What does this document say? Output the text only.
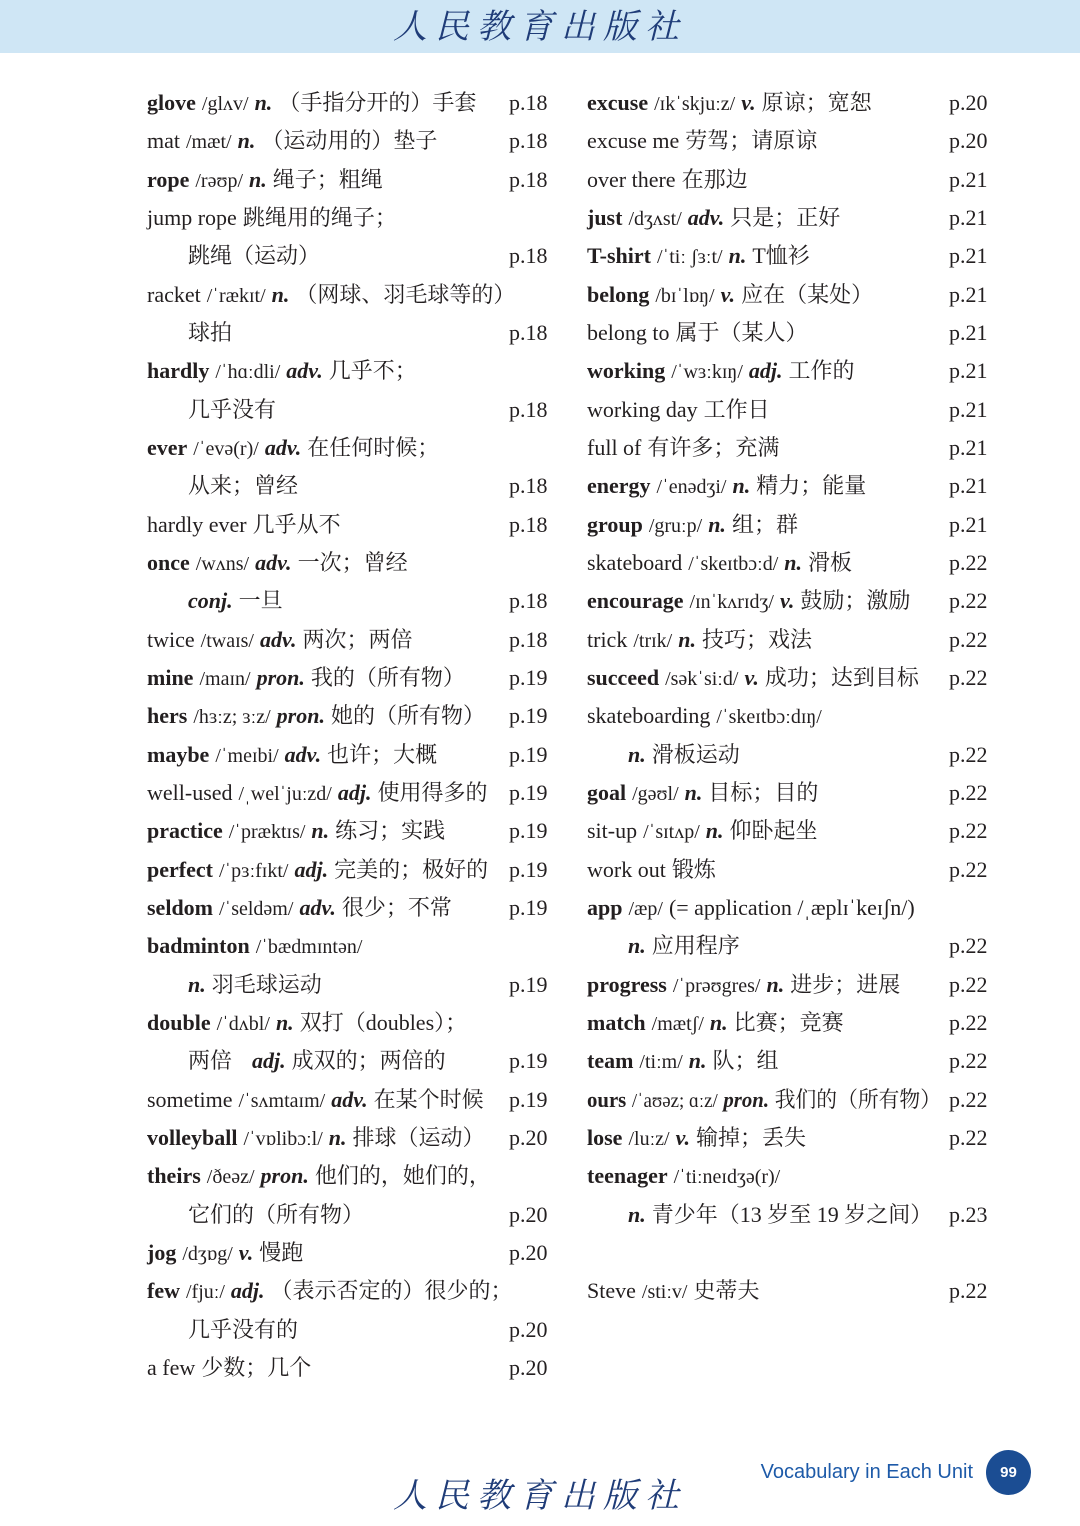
人民教育出版社
glove /glʌv/ n. （手指分开的）手套 p.18
mat /mæt/ n. （运动用的）垫子	p.18
rope /rəʊp/ n. 绳子；粗绳	p.18
jump rope 跳绳用的绳子；
跳绳（运动）	p.18
racket /ˈrækɪt/ n. （网球、羽毛球等的）
球拍	p.18
hardly /ˈhɑːdli/ adv. 几乎不；
几乎没有	p.18
ever /ˈevə(r)/ adv. 在任何时候；
从来；曾经	p.18
hardly ever 几乎从不	p.18
once /wʌns/ adv. 一次；曾经
conj. 一旦	p.18
twice /twaɪs/ adv. 两次；两倍	p.18
mine /maɪn/ pron. 我的（所有物） p.19
hers /hɜːz; ɜːz/ pron. 她的（所有物） p.19
maybe /ˈmeɪbi/ adv. 也许；大概	p.19
well-used /ˌwelˈjuːzd/ adj. 使用得多的 p.19
practice /ˈpræktɪs/ n. 练习；实践	p.19
perfect /ˈpɜːfɪkt/ adj. 完美的；极好的 p.19
seldom /ˈseldəm/ adv. 很少；不常	p.19
badminton /ˈbædmɪntən/
n. 羽毛球运动	p.19
double /ˈdʌbl/ n. 双打（doubles）；
两倍 adj. 成双的；两倍的	p.19
sometime /ˈsʌmtaɪm/ adv. 在某个时候 p.19
volleyball /ˈvɒlibɔːl/ n. 排球（运动） p.20
theirs /ðeəz/ pron. 他们的，她们的，
它们的（所有物）	p.20
jog /dʒɒg/ v. 慢跑	p.20
few /fjuː/ adj. （表示否定的）很少的；
几乎没有的	p.20
a few 少数；几个	p.20
excuse /ɪkˈskjuːz/ v. 原谅；宽恕	p.20
excuse me 劳驾；请原谅	p.20
over there 在那边	p.21
just /dʒʌst/ adv. 只是；正好	p.21
T-shirt /ˈtiː ʃɜːt/ n. T恤衫	p.21
belong /bɪˈlɒŋ/ v. 应在（某处）	p.21
belong to 属于（某人）	p.21
working /ˈwɜːkɪŋ/ adj. 工作的	p.21
working day 工作日	p.21
full of 有许多；充满	p.21
energy /ˈenədʒi/ n. 精力；能量	p.21
group /gruːp/ n. 组；群	p.21
skateboard /ˈskeɪtbɔːd/ n. 滑板	p.22
encourage /ɪnˈkʌrɪdʒ/ v. 鼓励；激励 p.22
trick /trɪk/ n. 技巧；戏法	p.22
succeed /səkˈsiːd/ v. 成功；达到目标 p.22
skateboarding /ˈskeɪtbɔːdɪŋ/
n. 滑板运动	p.22
goal /gəʊl/ n. 目标；目的	p.22
sit-up /ˈsɪtʌp/ n. 仰卧起坐	p.22
work out 锻炼	p.22
app /æp/ (= application /ˌæplɪˈkeɪʃn/)
n. 应用程序	p.22
progress /ˈprəʊgres/ n. 进步；进展 p.22
match /mætʃ/ n. 比赛；竞赛	p.22
team /tiːm/ n. 队；组	p.22
ours /ˈaʊəz; ɑːz/ pron. 我们的（所有物） p.22
lose /luːz/ v. 输掉；丢失	p.22
teenager /ˈtiːneɪdʒə(r)/
n. 青少年（13 岁至 19 岁之间） p.23
Steve /stiːv/ 史蒂夫	p.22
Vocabulary in Each Unit	99
人民教育出版社
